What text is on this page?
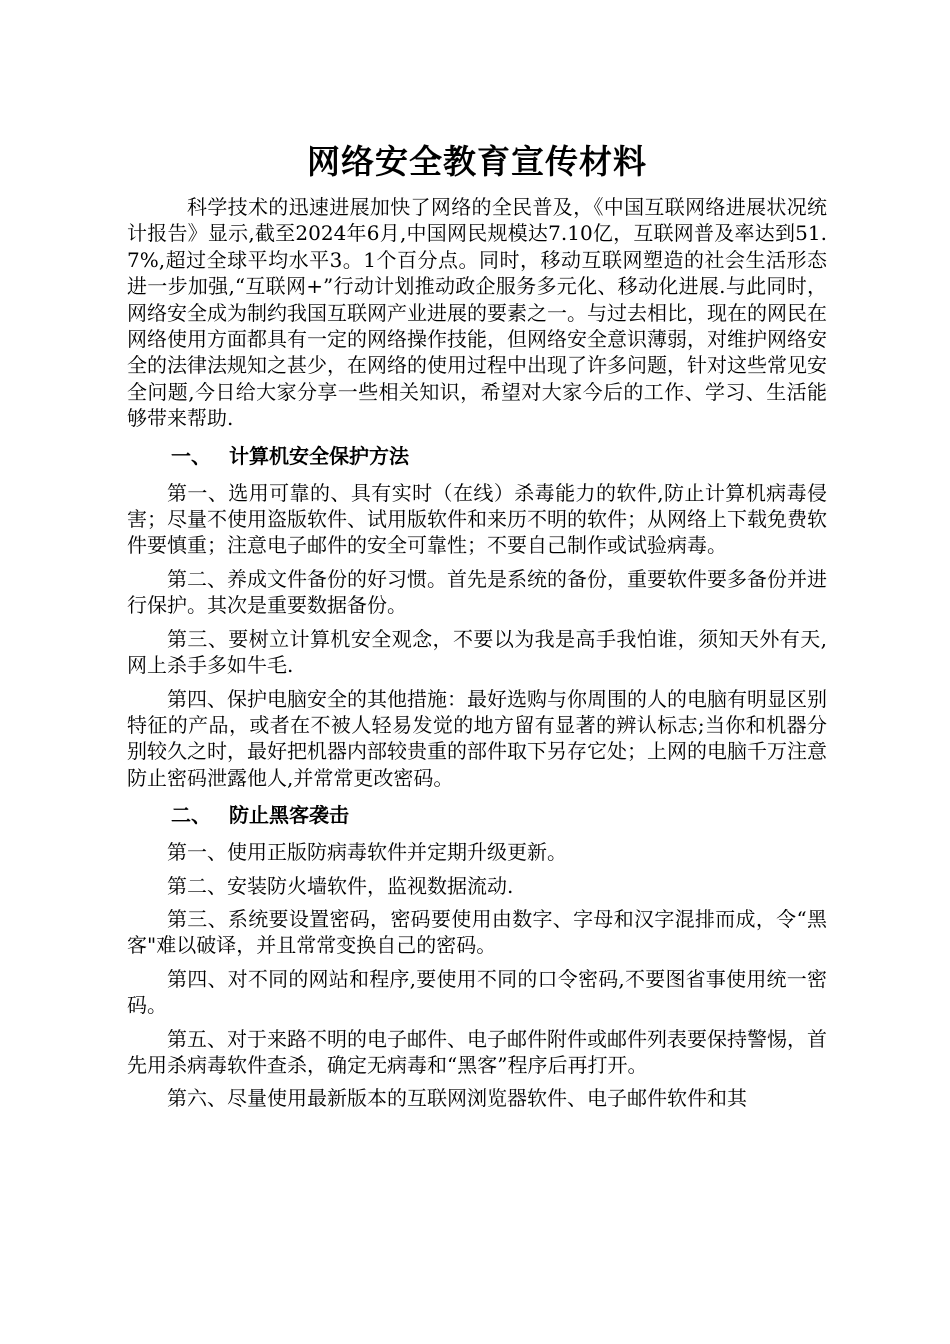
网络安全教育宣传材料

科学技术的迅速进展加快了网络的全民普及，《中国互联网络进展状况统计报告》显示,截至2024年6月,中国网民规模达7.10亿，互联网普及率达到51.7%,超过全球平均水平3。1个百分点。同时，移动互联网塑造的社会生活形态进一步加强,“互联网+”行动计划推动政企服务多元化、移动化进展.与此同时，网络安全成为制约我国互联网产业进展的要素之一。与过去相比，现在的网民在网络使用方面都具有一定的网络操作技能，但网络安全意识薄弱，对维护网络安全的法律法规知之甚少，在网络的使用过程中出现了许多问题，针对这些常见安全问题,今日给大家分享一些相关知识，希望对大家今后的工作、学习、生活能够带来帮助.

一、 计算机安全保护方法

第一、选用可靠的、具有实时（在线）杀毒能力的软件,防止计算机病毒侵害；尽量不使用盗版软件、试用版软件和来历不明的软件；从网络上下载免费软件要慎重；注意电子邮件的安全可靠性；不要自己制作或试验病毒。

第二、养成文件备份的好习惯。首先是系统的备份，重要软件要多备份并进行保护。其次是重要数据备份。

第三、要树立计算机安全观念，不要以为我是高手我怕谁，须知天外有天,网上杀手多如牛毛.

第四、保护电脑安全的其他措施：最好选购与你周围的人的电脑有明显区别特征的产品，或者在不被人轻易发觉的地方留有显著的辨认标志;当你和机器分别较久之时，最好把机器内部较贵重的部件取下另存它处；上网的电脑千万注意防止密码泄露他人,并常常更改密码。

二、 防止黑客袭击

第一、使用正版防病毒软件并定期升级更新。

第二、安装防火墙软件，监视数据流动.

第三、系统要设置密码，密码要使用由数字、字母和汉字混排而成，令“黑客"难以破译，并且常常变换自己的密码。

第四、对不同的网站和程序,要使用不同的口令密码,不要图省事使用统一密码。

第五、对于来路不明的电子邮件、电子邮件附件或邮件列表要保持警惕，首先用杀病毒软件查杀，确定无病毒和“黑客”程序后再打开。

第六、尽量使用最新版本的互联网浏览器软件、电子邮件软件和其
